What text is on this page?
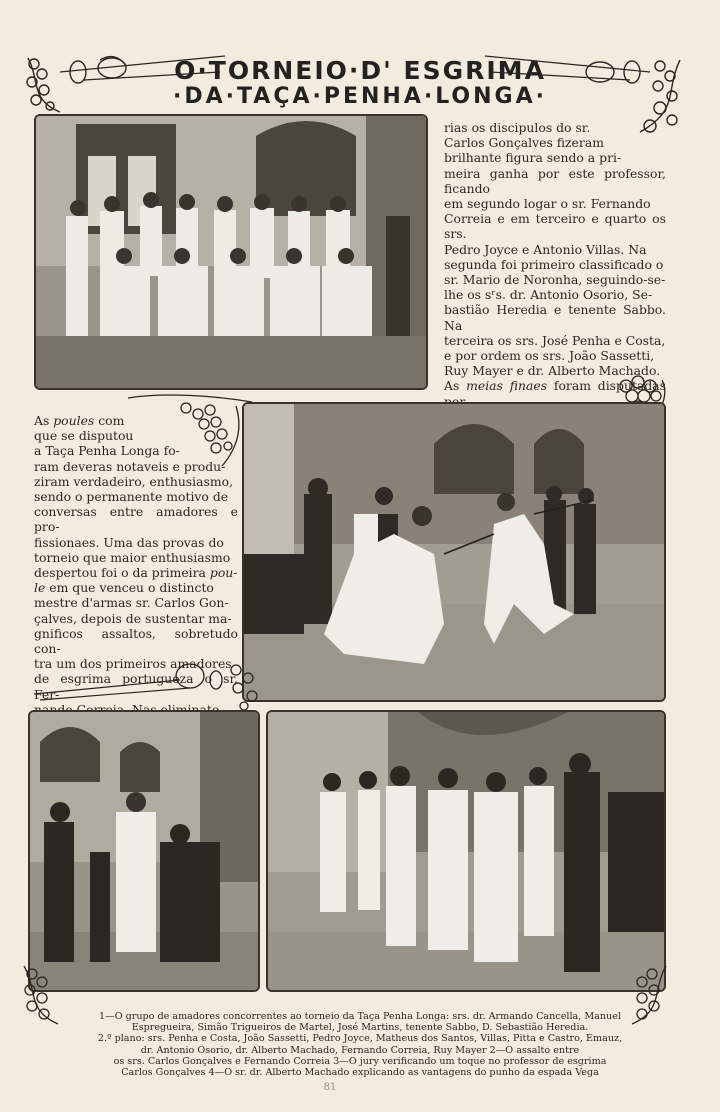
O·TORNEIO·D' ESGRIMA
·DA·TAÇA·PENHA·LONGA·
rias os discipulos do sr.
Carlos Gonçalves fizeram
brilhante figura sendo a pri-
meira ganha por este professor, ficando
em segundo logar o sr. Fernando
Correia e em terceiro e quarto os srs.
Pedro Joyce e Antonio Villas. Na
segunda foi primeiro classificado o
sr. Mario de Noronha, seguindo-se-
lhe os sʳs. dr. Antonio Osorio, Se-
bastião Heredia e tenente Sabbo. Na
terceira os srs. José Penha e Costa,
e por ordem os srs. João Sassetti,
Ruy Mayer e dr. Alberto Machado.
As meias finaes foram disputadas
As poules com
que se disputou
a Taça Penha Longa fo-
ram deveras notaveis e produ-
ziram verdadeiro, enthusiasmo,
sendo o permanente motivo de
conversas entre amadores e pro-
fissionaes. Uma das provas do
torneio que maior enthusiasmo
despertou foi o da primeira pou-
le em que venceu o distincto
mestre d'armas sr. Carlos Gon-
çalves, depois de sustentar ma-
gnificos assaltos, sobretudo con-
tra um dos primeiros amadores
de esgrima portugueza o sr. Fer-
1—O grupo de amadores concorrentes ao torneio da Taça Penha Longa: srs. dr. Armando Cancella, Manuel
Espregueira, Simão Trigueiros de Martel, José Martins, tenente Sabbo, D. Sebastião Heredia.
2.º plano: srs. Penha e Costa, João Sassetti, Pedro Joyce, Matheus dos Santos, Villas, Pitta e Castro, Emauz,
dr. Antonio Osorio, dr. Alberto Machado, Fernando Correia, Ruy Mayer 2—O assalto entre
os srs. Carlos Gonçalves e Fernando Correia 3—O jury verificando um toque no professor de esgrima
Carlos Gonçalves 4—O sr. dr. Alberto Machado explicando as vantagens do punho da espada Vega
81
